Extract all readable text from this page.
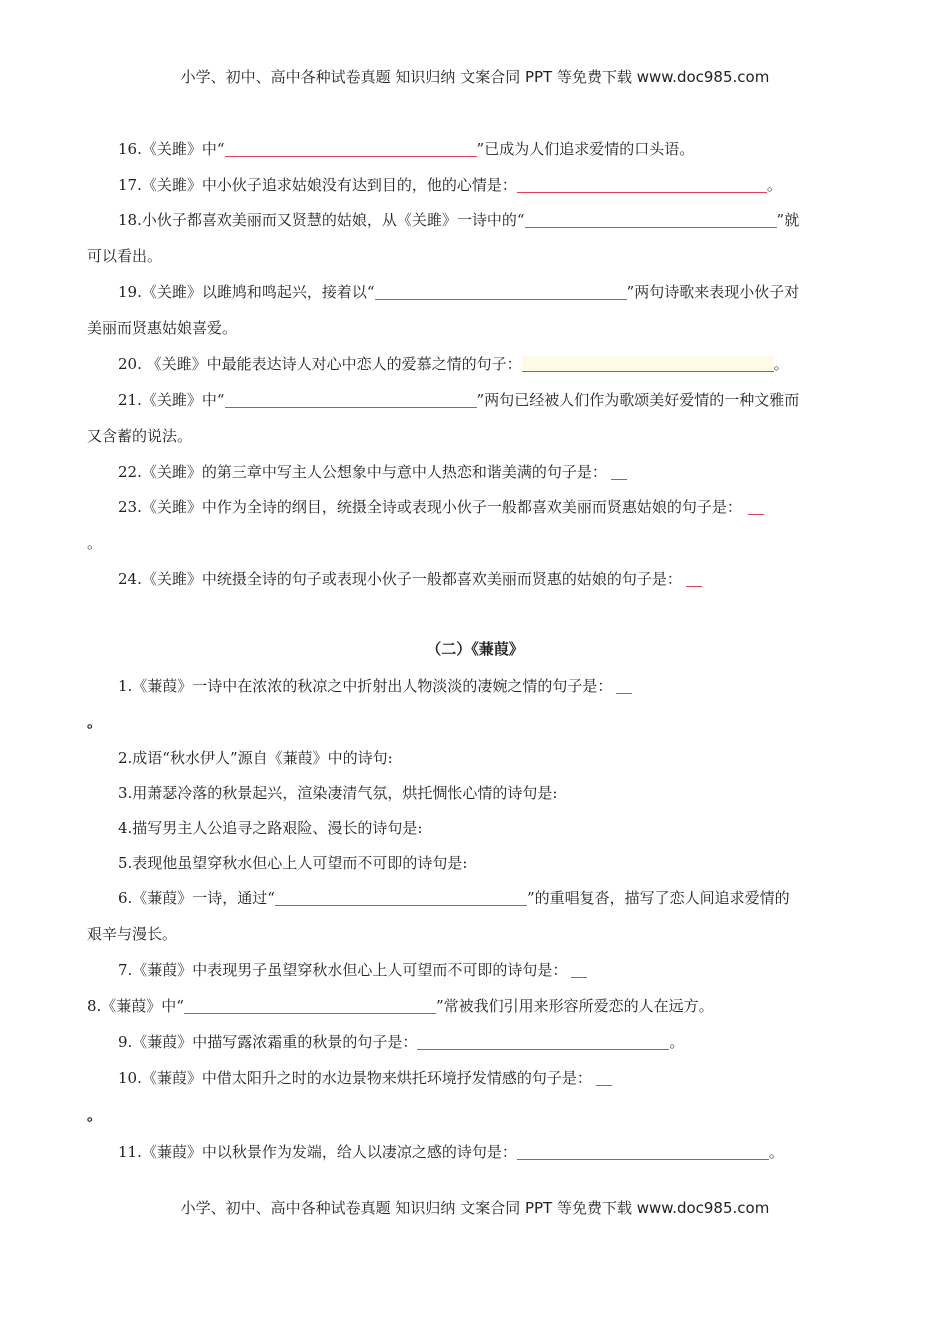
小学、初中、高中各种试卷真题 知识归纳 文案合同 PPT 等免费下载 www.doc985.com
16.《关雎》中“	”已成为人们追求爱情的口头语。
17.《关雎》中小伙子追求姑娘没有达到目的，他的心情是：	。
18.小伙子都喜欢美丽而又贤慧的姑娘，从《关雎》一诗中的“	”就
可以看出。
19.《关雎》以雎鸠和鸣起兴，接着以“	”两句诗歌来表现小伙子对
美丽而贤惠姑娘喜爱。
20. 《关雎》中最能表达诗人对心中恋人的爱慕之情的句子：	。
21.《关雎》中“	”两句已经被人们作为歌颂美好爱情的一种文雅而
又含蓄的说法。
22.《关雎》的第三章中写主人公想象中与意中人热恋和谐美满的句子是：
23.《关雎》中作为全诗的纲目，统摄全诗或表现小伙子一般都喜欢美丽而贤惠姑娘的句子是：
。
24.《关雎》中统摄全诗的句子或表现小伙子一般都喜欢美丽而贤惠的姑娘的句子是：
（二）《蒹葭》
1.《蒹葭》一诗中在浓浓的秋凉之中折射出人物淡淡的凄婉之情的句子是：
。
2.成语“秋水伊人”源自《蒹葭》中的诗句:
3.用萧瑟冷落的秋景起兴，渲染凄清气氛，烘托惆怅心情的诗句是:
4.描写男主人公追寻之路艰险、漫长的诗句是:
5.表现他虽望穿秋水但心上人可望而不可即的诗句是:
6.《蒹葭》一诗，通过“	”的重唱复沓，描写了恋人间追求爱情的
艰辛与漫长。
7.《蒹葭》中表现男子虽望穿秋水但心上人可望而不可即的诗句是：
8.《蒹葭》中“	”常被我们引用来形容所爱恋的人在远方。
9.《蒹葭》中描写露浓霜重的秋景的句子是：	。
10.《蒹葭》中借太阳升之时的水边景物来烘托环境抒发情感的句子是：
。
11.《蒹葭》中以秋景作为发端，给人以凄凉之感的诗句是：	。
小学、初中、高中各种试卷真题 知识归纳 文案合同 PPT 等免费下载 www.doc985.com
